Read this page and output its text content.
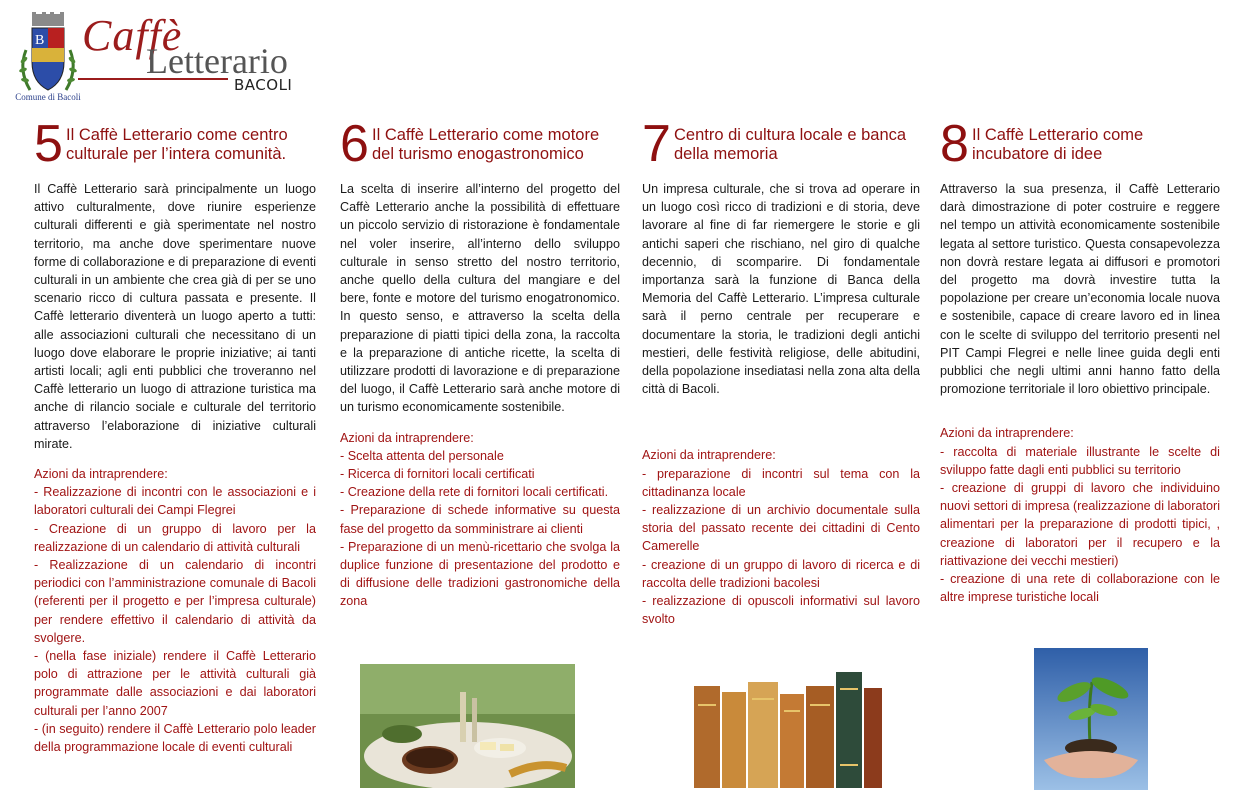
B
Comune di Bacoli
Caffè
Letterario
BACOLI
5 Il Caffè Letterario come centro culturale per l’intera comunità.
Il Caffè Letterario sarà principalmente un luogo attivo culturalmente, dove riunire esperienze culturali differenti e già sperimentate nel nostro territorio, ma anche dove sperimentare nuove forme di collaborazione e di preparazione di eventi culturali in un ambiente che crea già di per se uno scenario ricco di cultura passata e presente. Il Caffè letterario diventerà un luogo aperto a tutti: alle associazioni culturali che necessitano di un luogo dove elaborare le proprie iniziative; ai tanti artisti locali; agli enti pubblici che troveranno nel Caffè letterario un luogo di attrazione turistica ma anche di rilancio sociale e culturale del territorio attraverso l’elaborazione di iniziative culturali mirate.
Azioni da intraprendere:

- Realizzazione di incontri con le associazioni e i laboratori culturali dei Campi Flegrei

- Creazione di un gruppo di lavoro per la realizzazione di un calendario di attività culturali

- Realizzazione di un calendario di incontri periodici con l’amministrazione comunale di Bacoli (referenti per il progetto e per l’impresa culturale) per rendere effettivo il calendario di attività da svolgere.

- (nella fase iniziale) rendere il Caffè Letterario polo di attrazione per le attività culturali già programmate dalle associazioni e dai laboratori culturali per l’anno 2007

- (in seguito) rendere il Caffè Letterario polo leader della programmazione locale di eventi culturali

6 Il Caffè Letterario come motore del turismo enogastronomico
La scelta di inserire all’interno del progetto del Caffè Letterario anche la possibilità di effettuare un piccolo servizio di ristorazione è fondamentale nel voler inserire, all’interno dello sviluppo culturale in senso stretto del nostro territorio, anche quello della cultura del mangiare e del bere, fonte e motore del turismo enogatronomico. In questo senso, e attraverso la scelta della preparazione di piatti tipici della zona, la raccolta e la preparazione di antiche ricette, la scelta di utilizzare prodotti di lavorazione e di preparazione del luogo, il Caffè Letterario sarà anche motore di un turismo economicamente sostenibile.
Azioni da intraprendere:

- Scelta attenta del personale

- Ricerca di fornitori locali certificati

- Creazione della rete di fornitori locali certificati.

- Preparazione di schede informative su questa fase del progetto da somministrare ai clienti

- Preparazione di un menù-ricettario che svolga la duplice funzione di presentazione del prodotto e di diffusione delle tradizioni gastronomiche della zona

7 Centro di cultura locale e banca della memoria
Un impresa culturale, che si trova ad operare in un luogo così ricco di tradizioni e di storia, deve lavorare al fine di far riemergere le storie e gli antichi saperi che rischiano, nel giro di qualche decennio, di scomparire. Di fondamentale importanza sarà la funzione di Banca della Memoria del Caffè Letterario. L’impresa culturale sarà il perno centrale per recuperare e documentare la storia, le tradizioni degli antichi mestieri, delle festività religiose, delle abitudini, della popolazione insediatasi nella zona alta della città di Bacoli.
Azioni da intraprendere:

- preparazione di incontri sul tema con la cittadinanza locale

- realizzazione di un archivio documentale sulla storia del passato recente dei cittadini di Cento Camerelle

- creazione di un gruppo di lavoro di ricerca e di raccolta delle tradizioni bacolesi

- realizzazione di opuscoli informativi sul lavoro svolto

8 Il Caffè Letterario come incubatore di idee
Attraverso la sua presenza, il Caffè Letterario darà dimostrazione di poter costruire e reggere nel tempo un attività economicamente sostenibile legata al settore turistico. Questa consapevolezza non dovrà restare legata ai diffusori e promotori del progetto ma dovrà investire tutta la popolazione per creare un’economia locale nuova e sostenibile, capace di creare lavoro ed in linea con le scelte di sviluppo del territorio presenti nel PIT Campi Flegrei e nelle linee guida degli enti pubblici che negli ultimi anni hanno fatto della promozione territoriale il loro obiettivo principale.
Azioni da intraprendere:

- raccolta di materiale illustrante le scelte di sviluppo fatte dagli enti pubblici su territorio

- creazione di gruppi di lavoro che individuino nuovi settori di impresa (realizzazione di laboratori alimentari per la preparazione di prodotti tipici, , creazione di laboratori per il recupero e la riattivazione dei vecchi mestieri)

- creazione di una rete di collaborazione con le altre imprese turistiche locali
